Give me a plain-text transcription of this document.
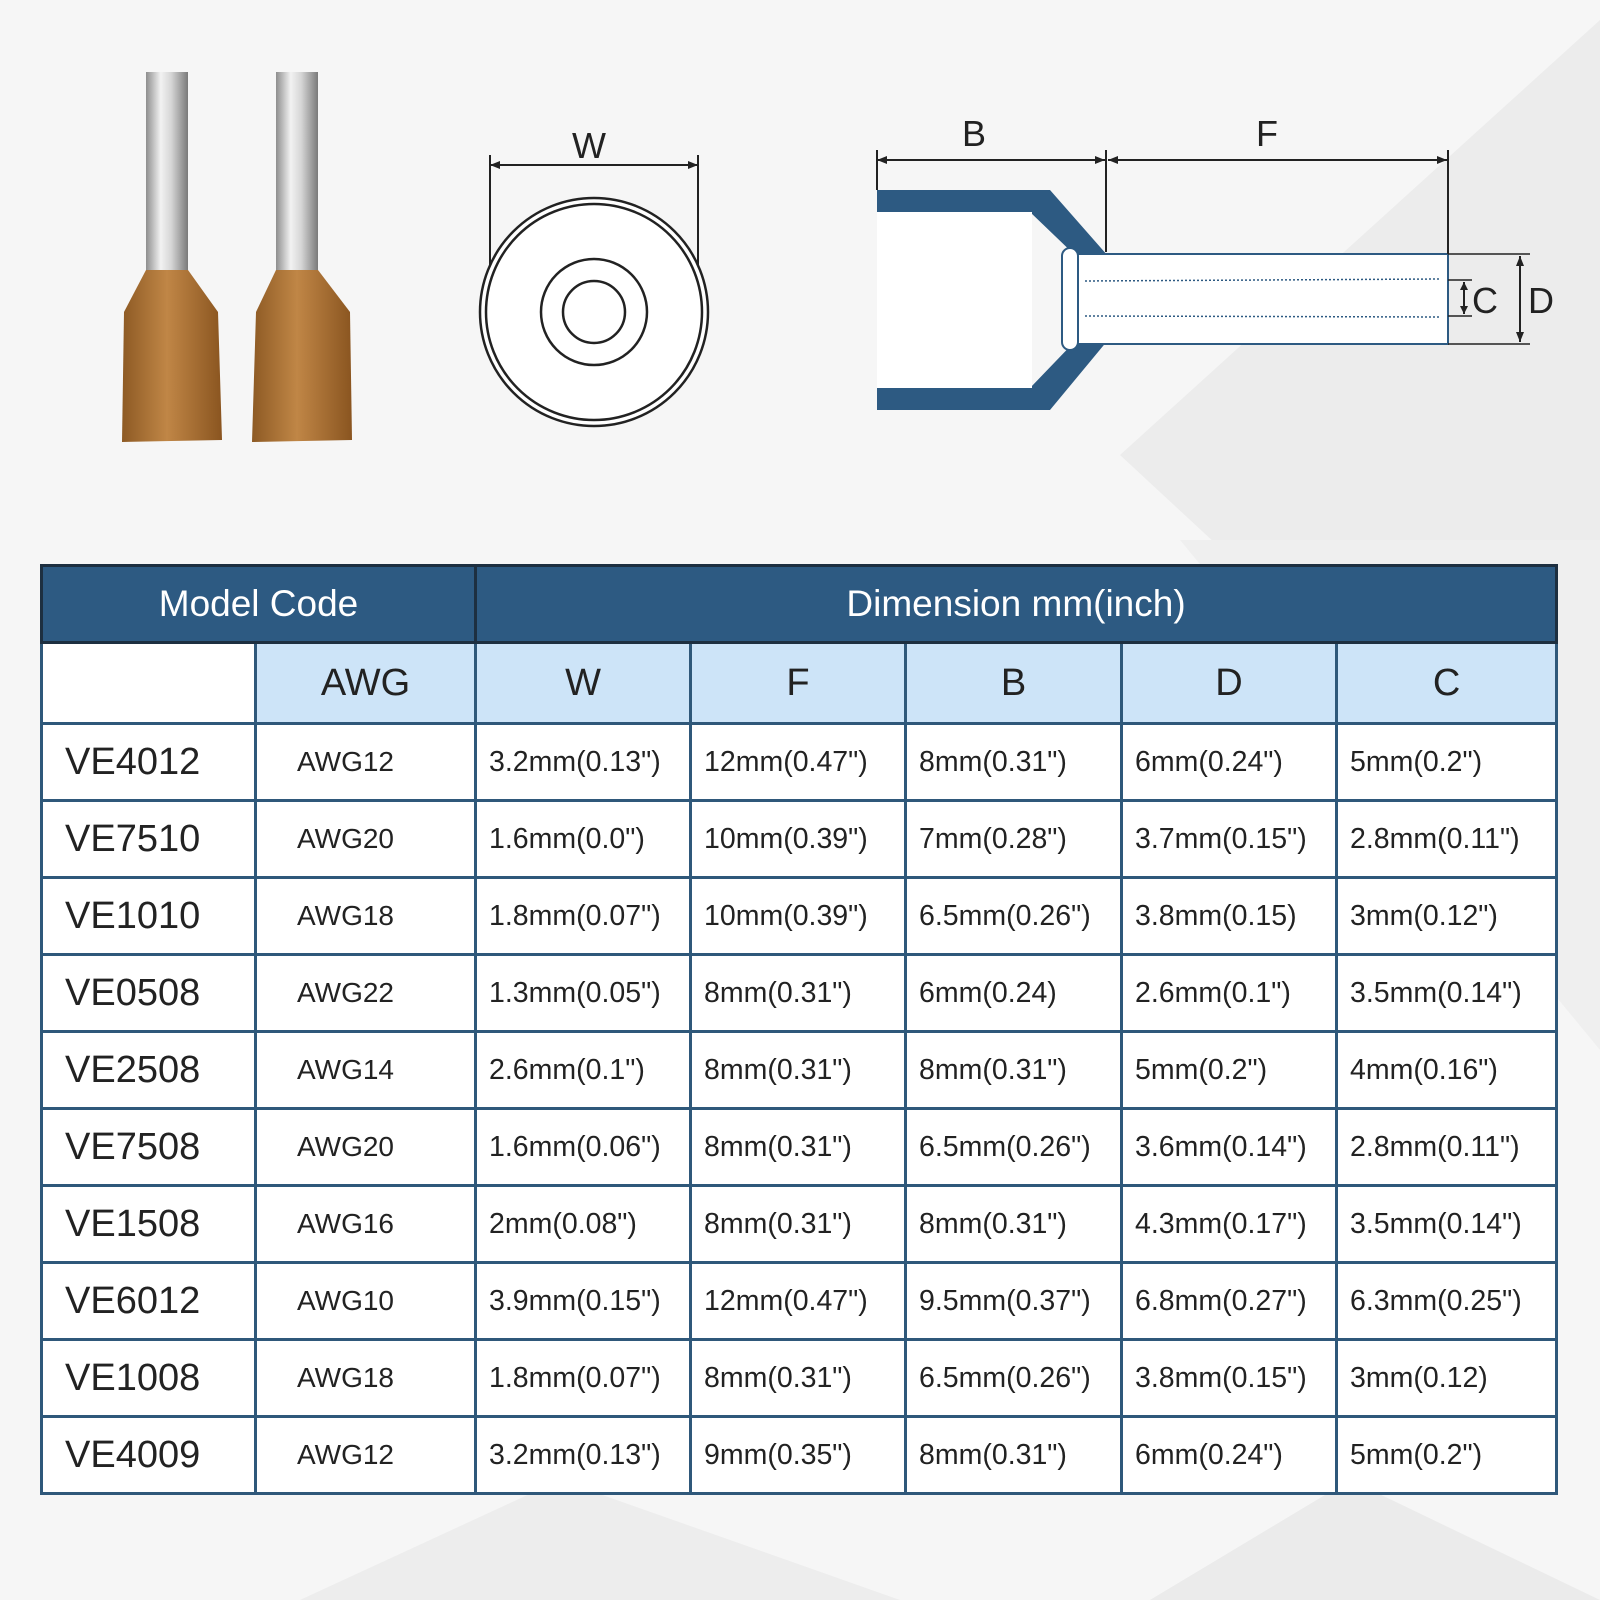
W	B	F
C D
Model Code		Dimension mm(inch)				
	AWG	W	F	B	D	C
VE4012	AWG12	3.2mm(0.13")	12mm(0.47")	8mm(0.31")	6mm(0.24")	5mm(0.2")
VE7510	AWG20	1.6mm(0.0")	10mm(0.39")	7mm(0.28")	3.7mm(0.15")	2.8mm(0.11")
VE1010	AWG18	1.8mm(0.07")	10mm(0.39")	6.5mm(0.26")	3.8mm(0.15)	3mm(0.12")
VE0508	AWG22	1.3mm(0.05")	8mm(0.31")	6mm(0.24)	2.6mm(0.1")	3.5mm(0.14")
VE2508	AWG14	2.6mm(0.1")	8mm(0.31")	8mm(0.31")	5mm(0.2")	4mm(0.16")
VE7508	AWG20	1.6mm(0.06")	8mm(0.31")	6.5mm(0.26")	3.6mm(0.14")	2.8mm(0.11")
VE1508	AWG16	2mm(0.08")	8mm(0.31")	8mm(0.31")	4.3mm(0.17")	3.5mm(0.14")
VE6012	AWG10	3.9mm(0.15")	12mm(0.47")	9.5mm(0.37")	6.8mm(0.27")	6.3mm(0.25")
VE1008	AWG18	1.8mm(0.07")	8mm(0.31")	6.5mm(0.26")	3.8mm(0.15")	3mm(0.12)
VE4009	AWG12	3.2mm(0.13")	9mm(0.35")	8mm(0.31")	6mm(0.24")	5mm(0.2")
